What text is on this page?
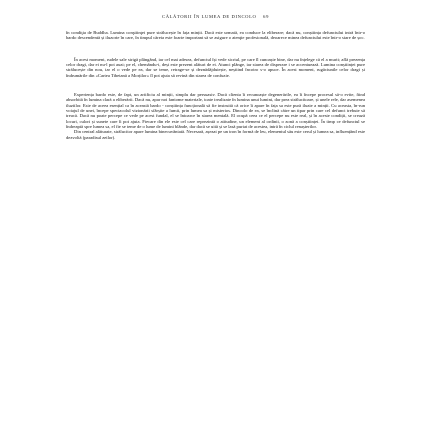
CĂLĂTORII ÎN LUMEA DE DINCOLO 69

în condiţia de Buddha. Lumina conştiinţei pure strălucește în fața minții. Dacă este urmată, ea conduce la eliberare; dacă nu, conștiința defunctului intră într-o bardo descendentă și iluzorie în care, în timpul căreia este foarte important să se asigure o atenţie profesională, deoarece minea defunctului este într-o stare de șoc.

În acest moment, rudele sale strigă plângând, iar cel mai adesea, defunctul își vede sicriul, pe care îl cunoaște bine, dar nu înțelege că el a murit; află prezența celor dragi, dar ei nu-l pot auzi; pe el, chemându-i, deși este prezent alături de ei. Atunci plânge, iar starea de disperare i se accentuează. Lumina conștiinței pure strălucește din nou, iar el o vede pe ea, dar se teme, retrage-se și deznădăjduiește, neștiind încotro s-o apuce. În acest moment, rugăciunile celor dragi și îndrumările din «Cartea Tibetană a Morților» îl pot ajuta să revină din starea de confuzie.

Experiența bardo este, de fapt, un artificiu al minții, simplu dar persuasiv. Dacă clienta îi recunoaște degenerările, ea îi începe procesul să-o evite, fiind absorbită în lumina clară a eliberării. Dacă nu, apar noi fantome materiale, toate irealizate în lumina unui lumini, dar prea strălucitoare, și unele rele, dar asemenea iluziilor. Este de aceea esențial ca în această bardo - conștiința funcțională să fie instruită că orice îi apare în fața sa este pură iluzie a minții. Cu aceasta, în-run voiajul de unei, începe spectacolul vizionării sfârșite a lumii, prin lumea sa și misterios. Dincolo de ea, se înclină către un tipar prin care cel defunct trebuie să treacă. Dacă nu poate percepe ce vede pe acest fundal, el se întoarce în starea mentală. El ocupă ceea ce el percepe nu este real, și în aceste condiții, se crează locuri, culori și sunete care îi pot ajuta. Fiecare din ele este cel care reprezintă o atitudine, un element al ordinii, o zonă a conștiinței. În timp ce defunctul se îndreaptă spre lumea sa, el fie se teme de o lume de lumini blânde, dar dacă se uită și se lasă purtat de acestea, intră în ciclul renașterilor.

Din central alăturate, strălucitor apare lumina binecuvântată. Necesară, așezat pe un tron în formă de leu, elementul său este cerul și lumea sa, influențând este dezvoltă (paradisul zeilor).
